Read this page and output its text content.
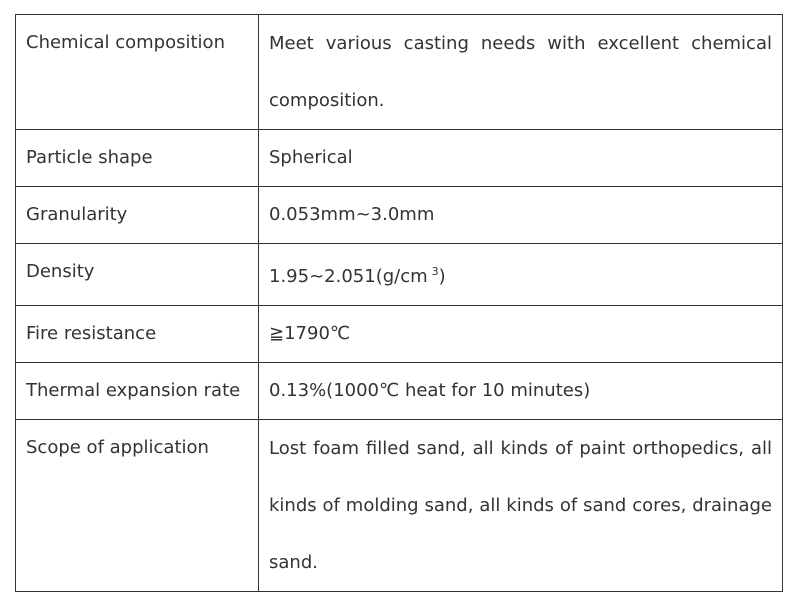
Chemical composition	Meet various casting needs with excellent chemical composition.
Particle shape	Spherical
Granularity	0.053mm~3.0mm
Density	1.95~2.051(g/cm $^3$)
Fire resistance	≧1790℃
Thermal expansion rate	0.13%(1000℃ heat for 10 minutes)
Scope of application	Lost foam filled sand, all kinds of paint orthopedics, all kinds of molding sand, all kinds of sand cores, drainage sand.
